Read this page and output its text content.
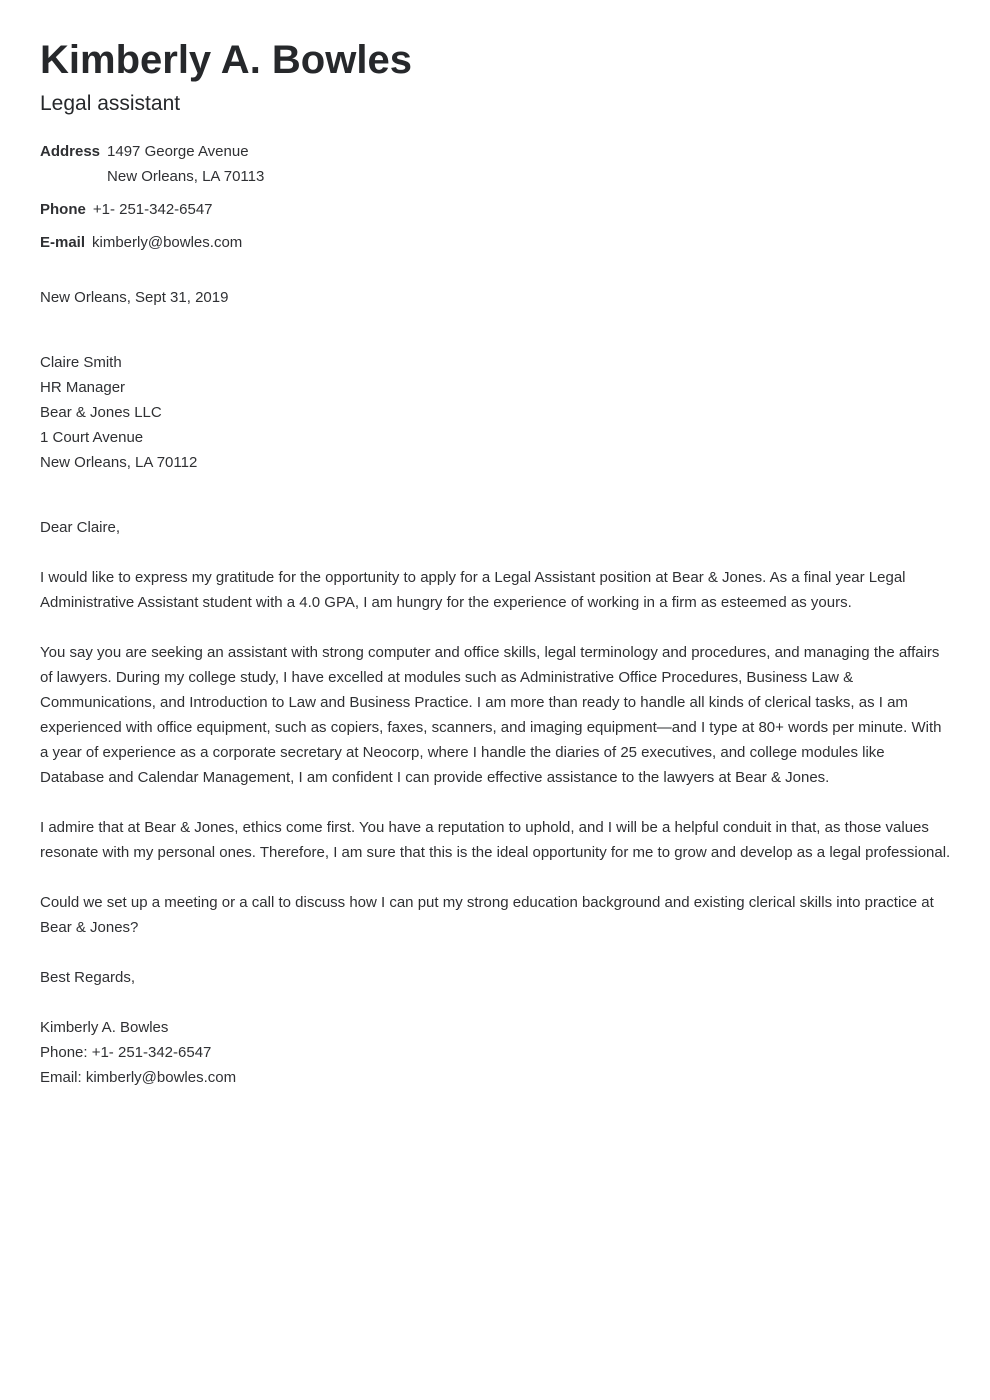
Kimberly A. Bowles
Legal assistant
Address 1497 George Avenue
New Orleans, LA 70113
Phone +1- 251-342-6547
E-mail kimberly@bowles.com
New Orleans, Sept 31, 2019
Claire Smith
HR Manager
Bear & Jones LLC
1 Court Avenue
New Orleans, LA 70112
Dear Claire,

I would like to express my gratitude for the opportunity to apply for a Legal Assistant position at Bear & Jones. As a final year Legal Administrative Assistant student with a 4.0 GPA, I am hungry for the experience of working in a firm as esteemed as yours.

You say you are seeking an assistant with strong computer and office skills, legal terminology and procedures, and managing the affairs of lawyers. During my college study, I have excelled at modules such as Administrative Office Procedures, Business Law & Communications, and Introduction to Law and Business Practice. I am more than ready to handle all kinds of clerical tasks, as I am experienced with office equipment, such as copiers, faxes, scanners, and imaging equipment—and I type at 80+ words per minute. With a year of experience as a corporate secretary at Neocorp, where I handle the diaries of 25 executives, and college modules like Database and Calendar Management, I am confident I can provide effective assistance to the lawyers at Bear & Jones.

I admire that at Bear & Jones, ethics come first. You have a reputation to uphold, and I will be a helpful conduit in that, as those values resonate with my personal ones. Therefore, I am sure that this is the ideal opportunity for me to grow and develop as a legal professional.

Could we set up a meeting or a call to discuss how I can put my strong education background and existing clerical skills into practice at Bear & Jones?

Best Regards,
Kimberly A. Bowles
Phone: +1- 251-342-6547
Email: kimberly@bowles.com
